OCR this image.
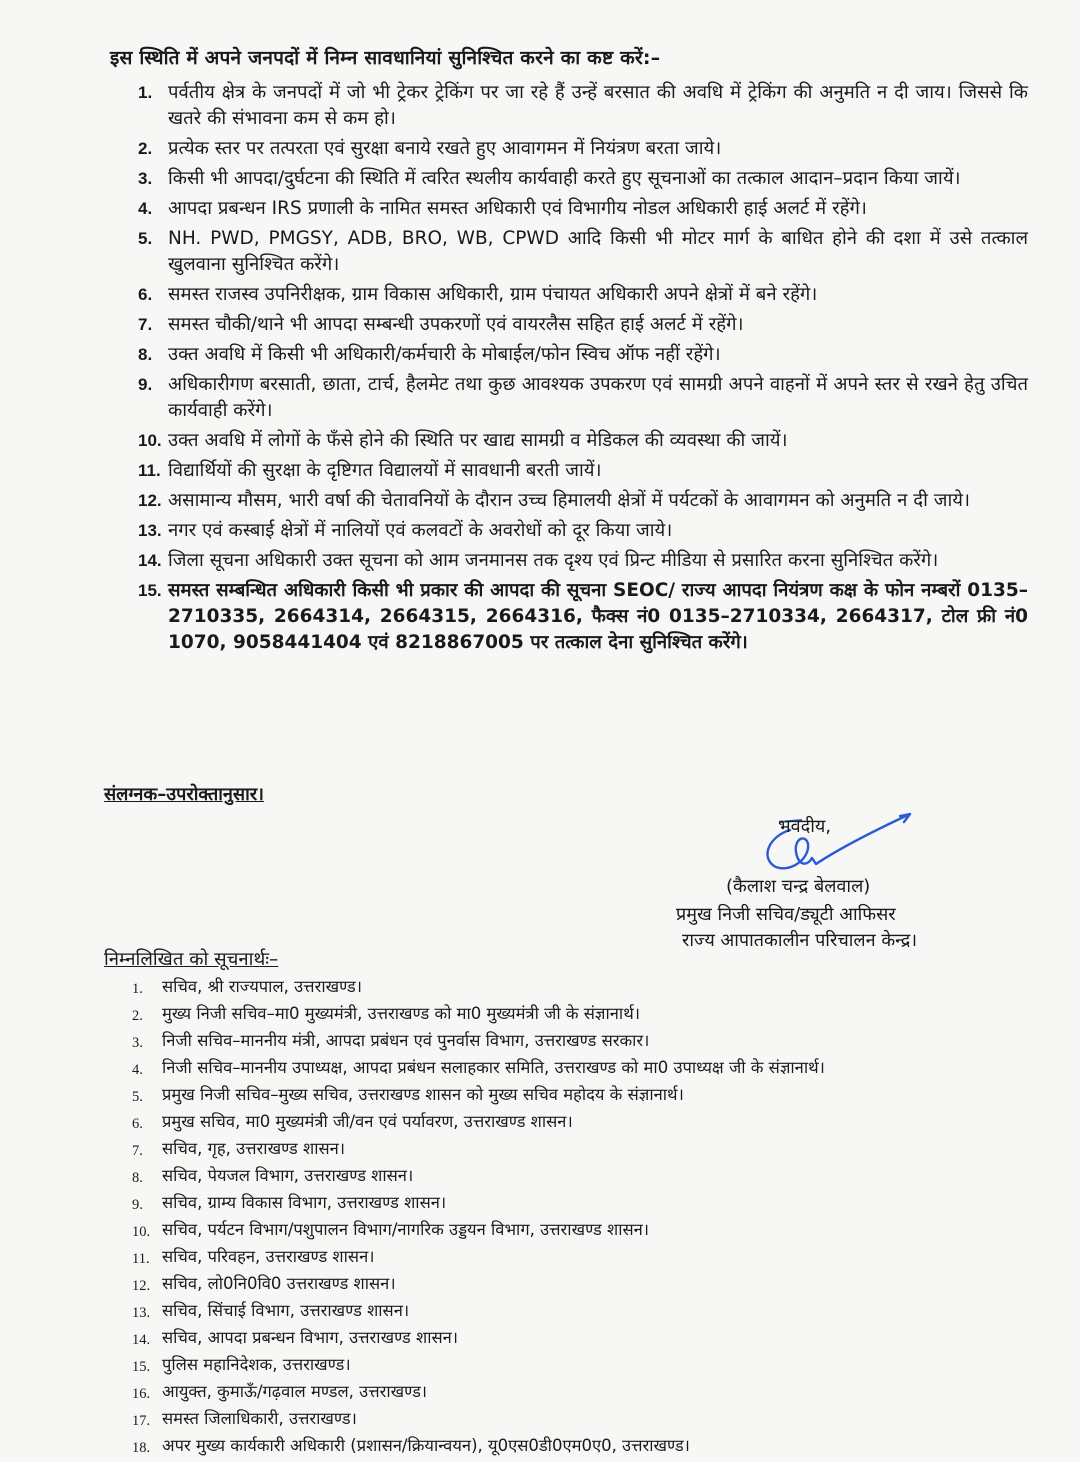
इस स्थिति में अपने जनपदों में निम्न सावधानियां सुनिश्चित करने का कष्ट करें:–
1. पर्वतीय क्षेत्र के जनपदों में जो भी ट्रेकर ट्रेकिंग पर जा रहे हैं उन्हें बरसात की अवधि में ट्रेकिंग की अनुमति न दी जाय। जिससे कि खतरे की संभावना कम से कम हो।
2. प्रत्येक स्तर पर तत्परता एवं सुरक्षा बनाये रखते हुए आवागमन में नियंत्रण बरता जाये।
3. किसी भी आपदा/दुर्घटना की स्थिति में त्वरित स्थलीय कार्यवाही करते हुए सूचनाओं का तत्काल आदान–प्रदान किया जायें।
4. आपदा प्रबन्धन IRS प्रणाली के नामित समस्त अधिकारी एवं विभागीय नोडल अधिकारी हाई अलर्ट में रहेंगे।
5. NH. PWD, PMGSY, ADB, BRO, WB, CPWD आदि किसी भी मोटर मार्ग के बाधित होने की दशा में उसे तत्काल खुलवाना सुनिश्चित करेंगे।
6. समस्त राजस्व उपनिरीक्षक, ग्राम विकास अधिकारी, ग्राम पंचायत अधिकारी अपने क्षेत्रों में बने रहेंगे।
7. समस्त चौकी/थाने भी आपदा सम्बन्धी उपकरणों एवं वायरलैस सहित हाई अलर्ट में रहेंगे।
8. उक्त अवधि में किसी भी अधिकारी/कर्मचारी के मोबाईल/फोन स्विच ऑफ नहीं रहेंगे।
9. अधिकारीगण बरसाती, छाता, टार्च, हैलमेट तथा कुछ आवश्यक उपकरण एवं सामग्री अपने वाहनों में अपने स्तर से रखने हेतु उचित कार्यवाही करेंगे।
10. उक्त अवधि में लोगों के फँसे होने की स्थिति पर खाद्य सामग्री व मेडिकल की व्यवस्था की जायें।
11. विद्यार्थियों की सुरक्षा के दृष्टिगत विद्यालयों में सावधानी बरती जायें।
12. असामान्य मौसम, भारी वर्षा की चेतावनियों के दौरान उच्च हिमालयी क्षेत्रों में पर्यटकों के आवागमन को अनुमति न दी जाये।
13. नगर एवं कस्बाई क्षेत्रों में नालियों एवं कलवटों के अवरोधों को दूर किया जाये।
14. जिला सूचना अधिकारी उक्त सूचना को आम जनमानस तक दृश्य एवं प्रिन्ट मीडिया से प्रसारित करना सुनिश्चित करेंगे।
15. समस्त सम्बन्धित अधिकारी किसी भी प्रकार की आपदा की सूचना SEOC/ राज्य आपदा नियंत्रण कक्ष के फोन नम्बरों 0135–2710335, 2664314, 2664315, 2664316, फैक्स नं0 0135–2710334, 2664317, टोल फ्री नं0 1070, 9058441404 एवं 8218867005 पर तत्काल देना सुनिश्चित करेंगे।
संलग्नक–उपरोक्तानुसार।
भवदीय,
(कैलाश चन्द्र बेलवाल)
प्रमुख निजी सचिव/ड्यूटी आफिसर
राज्य आपातकालीन परिचालन केन्द्र।
निम्नलिखित को सूचनार्थः–
1.	सचिव, श्री राज्यपाल, उत्तराखण्ड।
2.	मुख्य निजी सचिव–मा0 मुख्यमंत्री, उत्तराखण्ड को मा0 मुख्यमंत्री जी के संज्ञानार्थ।
3.	निजी सचिव–माननीय मंत्री, आपदा प्रबंधन एवं पुनर्वास विभाग, उत्तराखण्ड सरकार।
4.	निजी सचिव–माननीय उपाध्यक्ष, आपदा प्रबंधन सलाहकार समिति, उत्तराखण्ड को मा0 उपाध्यक्ष जी के संज्ञानार्थ।
5.	प्रमुख निजी सचिव–मुख्य सचिव, उत्तराखण्ड शासन को मुख्य सचिव महोदय के संज्ञानार्थ।
6.	प्रमुख सचिव, मा0 मुख्यमंत्री जी/वन एवं पर्यावरण, उत्तराखण्ड शासन।
7.	सचिव, गृह, उत्तराखण्ड शासन।
8.	सचिव, पेयजल विभाग, उत्तराखण्ड शासन।
9.	सचिव, ग्राम्य विकास विभाग, उत्तराखण्ड शासन।
10. सचिव, पर्यटन विभाग/पशुपालन विभाग/नागरिक उड्डयन विभाग, उत्तराखण्ड शासन।
11. सचिव, परिवहन, उत्तराखण्ड शासन।
12. सचिव, लो0नि0वि0 उत्तराखण्ड शासन।
13. सचिव, सिंचाई विभाग, उत्तराखण्ड शासन।
14. सचिव, आपदा प्रबन्धन विभाग, उत्तराखण्ड शासन।
15. पुलिस महानिदेशक, उत्तराखण्ड।
16. आयुक्त, कुमाऊँ/गढ़वाल मण्डल, उत्तराखण्ड।
17. समस्त जिलाधिकारी, उत्तराखण्ड।
18. अपर मुख्य कार्यकारी अधिकारी (प्रशासन/क्रियान्वयन), यू0एस0डी0एम0ए0, उत्तराखण्ड।
